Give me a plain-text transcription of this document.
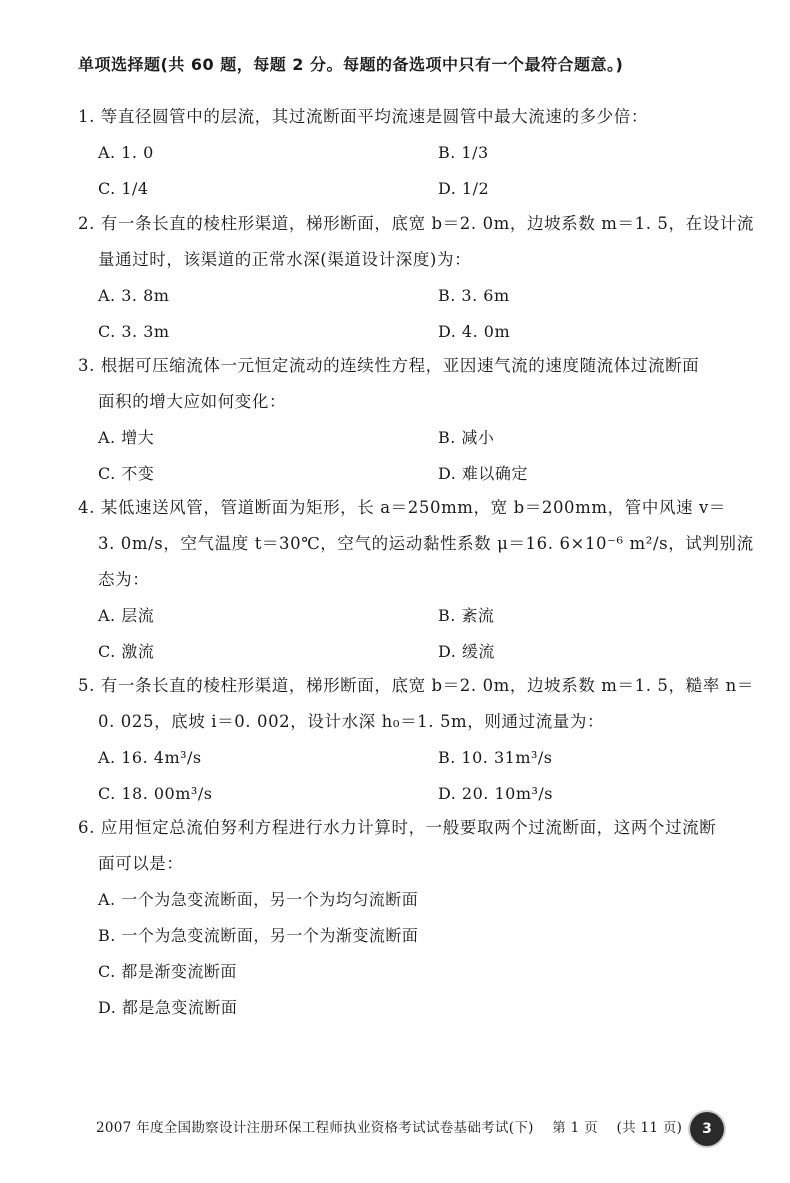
单项选择题(共 60 题，每题 2 分。每题的备选项中只有一个最符合题意。)
1. 等直径圆管中的层流，其过流断面平均流速是圆管中最大流速的多少倍：
A. 1. 0	B. 1/3
C. 1/4	D. 1/2
2. 有一条长直的棱柱形渠道，梯形断面，底宽 b＝2. 0m，边坡系数 m＝1. 5，在设计流
量通过时，该渠道的正常水深(渠道设计深度)为：
A. 3. 8m	B. 3. 6m
C. 3. 3m	D. 4. 0m
3. 根据可压缩流体一元恒定流动的连续性方程，亚因速气流的速度随流体过流断面
面积的增大应如何变化：
A. 增大	B. 减小
C. 不变	D. 难以确定
4. 某低速送风管，管道断面为矩形，长 a＝250mm，宽 b＝200mm，管中风速 v＝
3. 0m/s，空气温度 t＝30℃，空气的运动黏性系数 μ＝16. 6×10⁻⁶ m²/s，试判别流
态为：
A. 层流	B. 紊流
C. 激流	D. 缓流
5. 有一条长直的棱柱形渠道，梯形断面，底宽 b＝2. 0m，边坡系数 m＝1. 5，糙率 n＝
0. 025，底坡 i＝0. 002，设计水深 h₀＝1. 5m，则通过流量为：
A. 16. 4m³/s	B. 10. 31m³/s
C. 18. 00m³/s	D. 20. 10m³/s
6. 应用恒定总流伯努利方程进行水力计算时，一般要取两个过流断面，这两个过流断
面可以是：
A. 一个为急变流断面，另一个为均匀流断面
B. 一个为急变流断面，另一个为渐变流断面
C. 都是渐变流断面
D. 都是急变流断面
2007 年度全国勘察设计注册环保工程师执业资格考试试卷基础考试(下) 第 1 页 (共 11 页)	3
